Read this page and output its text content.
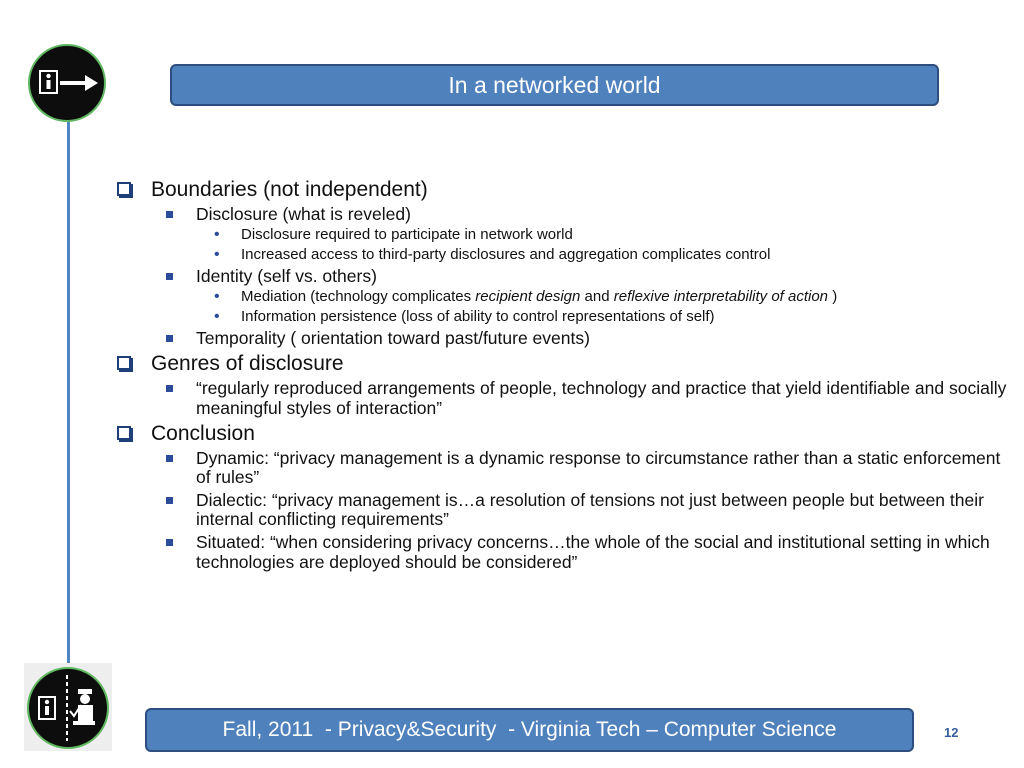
In a networked world
Boundaries (not independent)
Disclosure (what is reveled)
• Disclosure required to participate in network world
• Increased access to third-party disclosures and aggregation complicates control
Identity (self vs. others)
• Mediation (technology complicates recipient design and reflexive interpretability of action )
• Information persistence (loss of ability to control representations of self)
Temporality ( orientation toward past/future events)
Genres of disclosure
“regularly reproduced arrangements of people, technology and practice that yield identifiable and socially meaningful styles of interaction”
Conclusion
Dynamic: “privacy management is a dynamic response to circumstance rather than a static enforcement of rules”
Dialectic: “privacy management is…a resolution of tensions not just between people but between their internal conflicting requirements”
Situated: “when considering privacy concerns…the whole of the social and institutional setting in which technologies are deployed should be considered”
Fall, 2011  - Privacy&Security  - Virginia Tech – Computer Science	12
